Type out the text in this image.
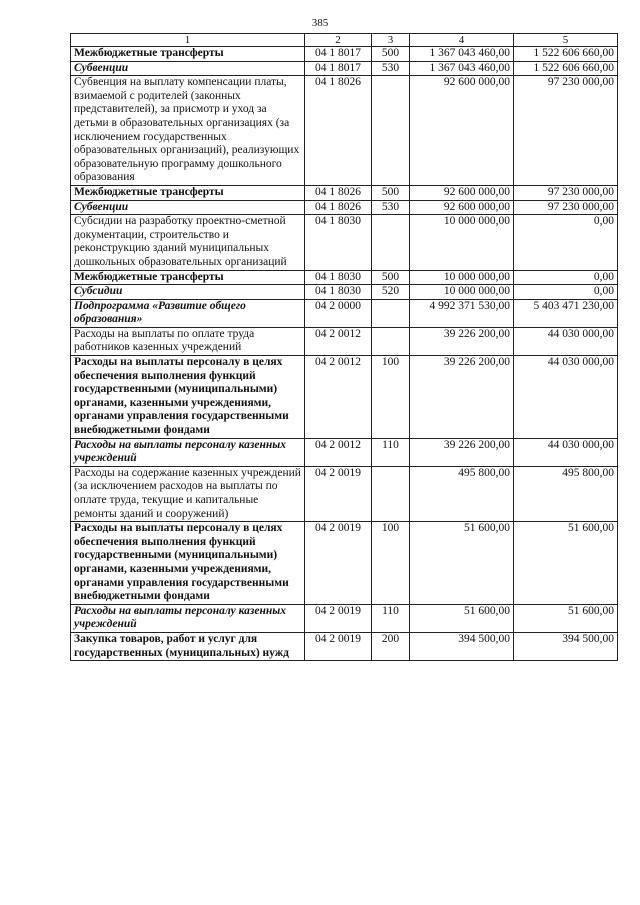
385
1	2	3	4	5
Межбюджетные трансферты	04 1 8017	500	1 367 043 460,00	1 522 606 660,00
Субвенции	04 1 8017	530	1 367 043 460,00	1 522 606 660,00
Субвенция на выплату компенсации платы, взимаемой с родителей (законных представителей), за присмотр и уход за детьми в образовательных организациях (за исключением государственных образовательных организаций), реализующих образовательную программу дошкольного образования	04 1 8026		92 600 000,00	97 230 000,00
Межбюджетные трансферты	04 1 8026	500	92 600 000,00	97 230 000,00
Субвенции	04 1 8026	530	92 600 000,00	97 230 000,00
Субсидии на разработку проектно-сметной документации, строительство и реконструкцию зданий муниципальных дошкольных образовательных организаций	04 1 8030		10 000 000,00	0,00
Межбюджетные трансферты	04 1 8030	500	10 000 000,00	0,00
Субсидии	04 1 8030	520	10 000 000,00	0,00
Подпрограмма «Развитие общего образования»	04 2 0000		4 992 371 530,00	5 403 471 230,00
Расходы на выплаты по оплате труда работников казенных учреждений	04 2 0012		39 226 200,00	44 030 000,00
Расходы на выплаты персоналу в целях обеспечения выполнения функций государственными (муниципальными) органами, казенными учреждениями, органами управления государственными внебюджетными фондами	04 2 0012	100	39 226 200,00	44 030 000,00
Расходы на выплаты персоналу казенных учреждений	04 2 0012	110	39 226 200,00	44 030 000,00
Расходы на содержание казенных учреждений (за исключением расходов на выплаты по оплате труда, текущие и капитальные ремонты зданий и сооружений)	04 2 0019		495 800,00	495 800,00
Расходы на выплаты персоналу в целях обеспечения выполнения функций государственными (муниципальными) органами, казенными учреждениями, органами управления государственными внебюджетными фондами	04 2 0019	100	51 600,00	51 600,00
Расходы на выплаты персоналу казенных учреждений	04 2 0019	110	51 600,00	51 600,00
Закупка товаров, работ и услуг для государственных (муниципальных) нужд	04 2 0019	200	394 500,00	394 500,00
